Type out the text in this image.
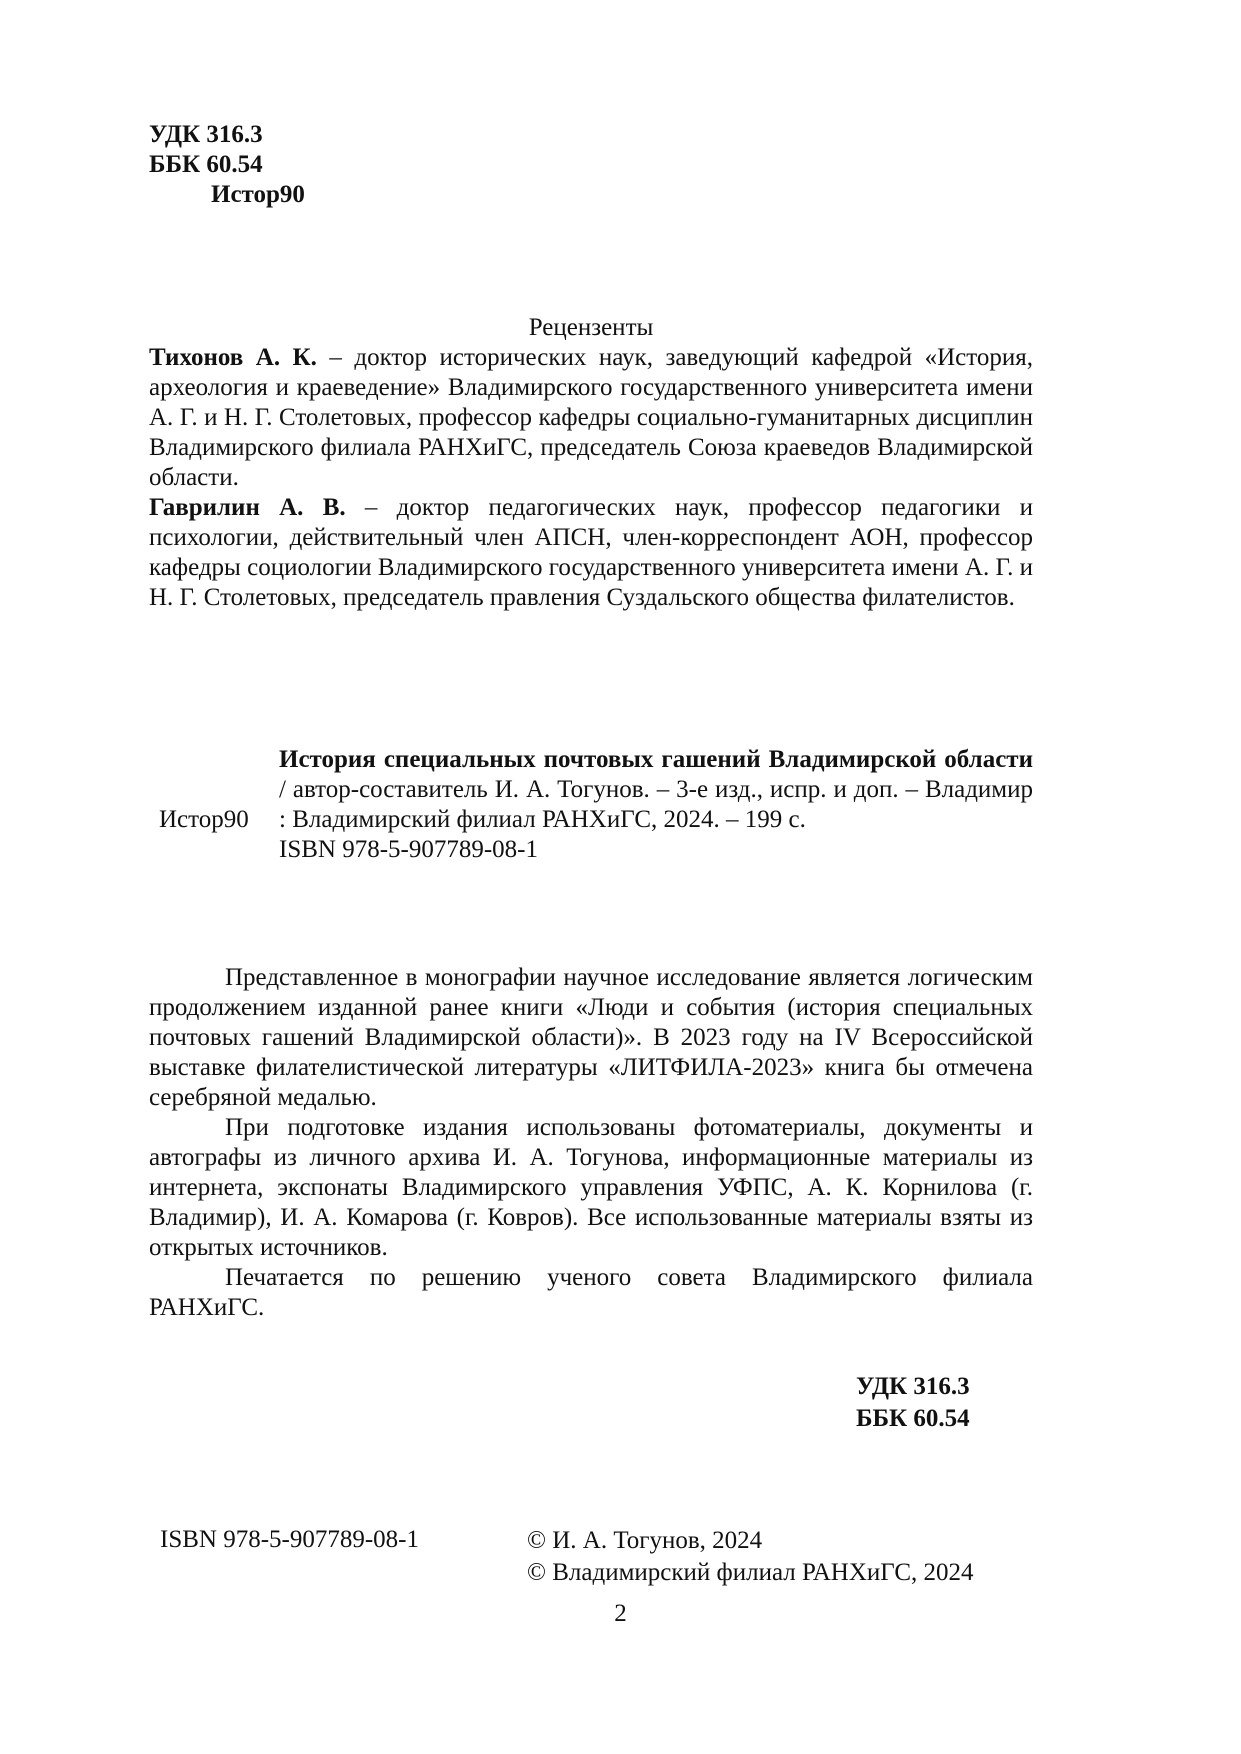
УДК 316.3
ББК 60.54
Истор90
Рецензенты

Тихонов А. К. – доктор исторических наук, заведующий кафедрой «История, археология и краеведение» Владимирского государственного университета имени А. Г. и Н. Г. Столетовых, профессор кафедры социально-гуманитарных дисциплин Владимирского филиала РАНХиГС, председатель Союза краеведов Владимирской области.

Гаврилин А. В. – доктор педагогических наук, профессор педагогики и психологии, действительный член АПСН, член-корреспондент АОН, профессор кафедры социологии Владимирского государственного университета имени А. Г. и Н. Г. Столетовых, председатель правления Суздальского общества филателистов.

Истор90

История специальных почтовых гашений Владимирской области / автор-составитель И. А. Тогунов. – 3-е изд., испр. и доп. – Владимир : Владимирский филиал РАНХиГС, 2024. – 199 с.

ISBN 978-5-907789-08-1

Представленное в монографии научное исследование является логическим продолжением изданной ранее книги «Люди и события (история специальных почтовых гашений Владимирской области)». В 2023 году на IV Всероссийской выставке филателистической литературы «ЛИТФИЛА-2023» книга бы отмечена серебряной медалью.

При подготовке издания использованы фотоматериалы, документы и автографы из личного архива И. А. Тогунова, информационные материалы из интернета, экспонаты Владимирского управления УФПС, А. К. Корнилова (г. Владимир), И. А. Комарова (г. Ковров). Все использованные материалы взяты из открытых источников.

Печатается по решению ученого совета Владимирского филиала РАНХиГС.

УДК 316.3
ББК 60.54
ISBN 978-5-907789-08-1	© И. А. Тогунов, 2024
© Владимирский филиал РАНХиГС, 2024
2
